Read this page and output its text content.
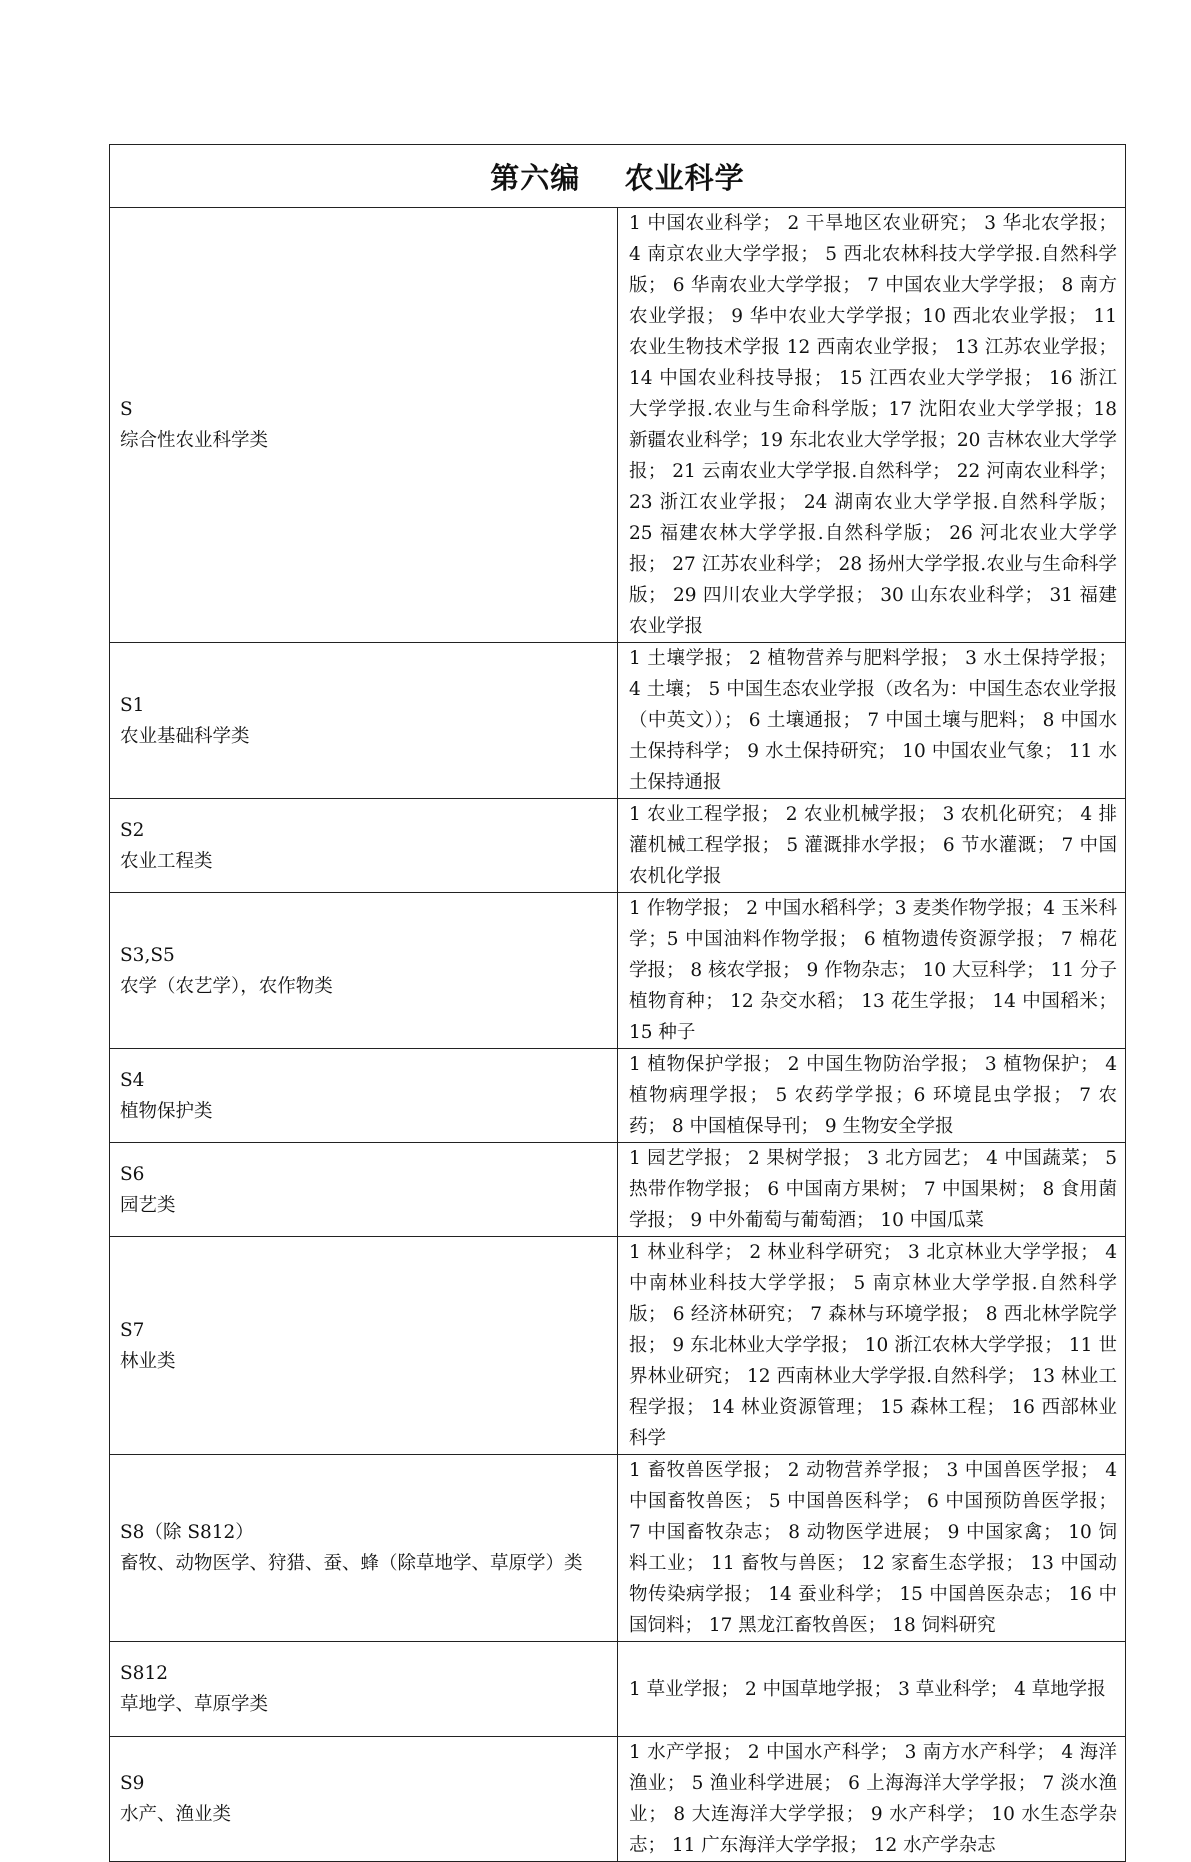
第六编    农业科学	

S
综合性农业科学类	1 中国农业科学； 2 干旱地区农业研究； 3 华北农学报； 4 南京农业大学学报； 5 西北农林科技大学学报.自然科学版； 6 华南农业大学学报； 7 中国农业大学学报； 8 南方农业学报； 9 华中农业大学学报；10 西北农业学报； 11 农业生物技术学报 12 西南农业学报； 13 江苏农业学报； 14 中国农业科技导报； 15 江西农业大学学报； 16 浙江大学学报.农业与生命科学版；17 沈阳农业大学学报；18 新疆农业科学；19 东北农业大学学报；20 吉林农业大学学报； 21 云南农业大学学报.自然科学； 22 河南农业科学； 23 浙江农业学报； 24 湖南农业大学学报.自然科学版； 25 福建农林大学学报.自然科学版； 26 河北农业大学学报； 27 江苏农业科学； 28 扬州大学学报.农业与生命科学版； 29 四川农业大学学报； 30 山东农业科学； 31 福建农业学报

S1
农业基础科学类	1 土壤学报； 2 植物营养与肥料学报； 3 水土保持学报； 4 土壤； 5 中国生态农业学报（改名为：中国生态农业学报（中英文））； 6 土壤通报； 7 中国土壤与肥料； 8 中国水土保持科学； 9 水土保持研究； 10 中国农业气象； 11 水土保持通报

S2
农业工程类	1 农业工程学报； 2 农业机械学报； 3 农机化研究； 4 排灌机械工程学报； 5 灌溉排水学报； 6 节水灌溉； 7 中国农机化学报

S3,S5
农学（农艺学），农作物类	1 作物学报； 2 中国水稻科学；3 麦类作物学报；4 玉米科学；5 中国油料作物学报； 6 植物遗传资源学报； 7 棉花学报； 8 核农学报； 9 作物杂志； 10 大豆科学； 11 分子植物育种； 12 杂交水稻； 13 花生学报； 14 中国稻米； 15 种子

S4
植物保护类	1 植物保护学报； 2 中国生物防治学报； 3 植物保护； 4 植物病理学报； 5 农药学学报；6 环境昆虫学报； 7 农药； 8 中国植保导刊； 9 生物安全学报

S6
园艺类	1 园艺学报； 2 果树学报； 3 北方园艺； 4 中国蔬菜； 5 热带作物学报； 6 中国南方果树； 7 中国果树； 8 食用菌学报； 9 中外葡萄与葡萄酒； 10 中国瓜菜

S7
林业类	1 林业科学； 2 林业科学研究； 3 北京林业大学学报； 4 中南林业科技大学学报； 5 南京林业大学学报.自然科学版； 6 经济林研究； 7 森林与环境学报； 8 西北林学院学报； 9 东北林业大学学报； 10 浙江农林大学学报； 11 世界林业研究； 12 西南林业大学学报.自然科学； 13 林业工程学报； 14 林业资源管理； 15 森林工程； 16 西部林业科学

S8（除 S812）
畜牧、动物医学、狩猎、蚕、蜂（除草地学、草原学）类	1 畜牧兽医学报； 2 动物营养学报； 3 中国兽医学报； 4 中国畜牧兽医； 5 中国兽医科学； 6 中国预防兽医学报； 7 中国畜牧杂志； 8 动物医学进展； 9 中国家禽； 10 饲料工业； 11 畜牧与兽医； 12 家畜生态学报； 13 中国动物传染病学报； 14 蚕业科学； 15 中国兽医杂志； 16 中国饲料； 17 黑龙江畜牧兽医； 18 饲料研究

S812
草地学、草原学类	1 草业学报； 2 中国草地学报； 3 草业科学； 4 草地学报

S9
水产、渔业类	1 水产学报； 2 中国水产科学； 3 南方水产科学； 4 海洋渔业； 5 渔业科学进展； 6 上海海洋大学学报； 7 淡水渔业； 8 大连海洋大学学报； 9 水产科学； 10 水生态学杂志； 11 广东海洋大学学报； 12 水产学杂志
